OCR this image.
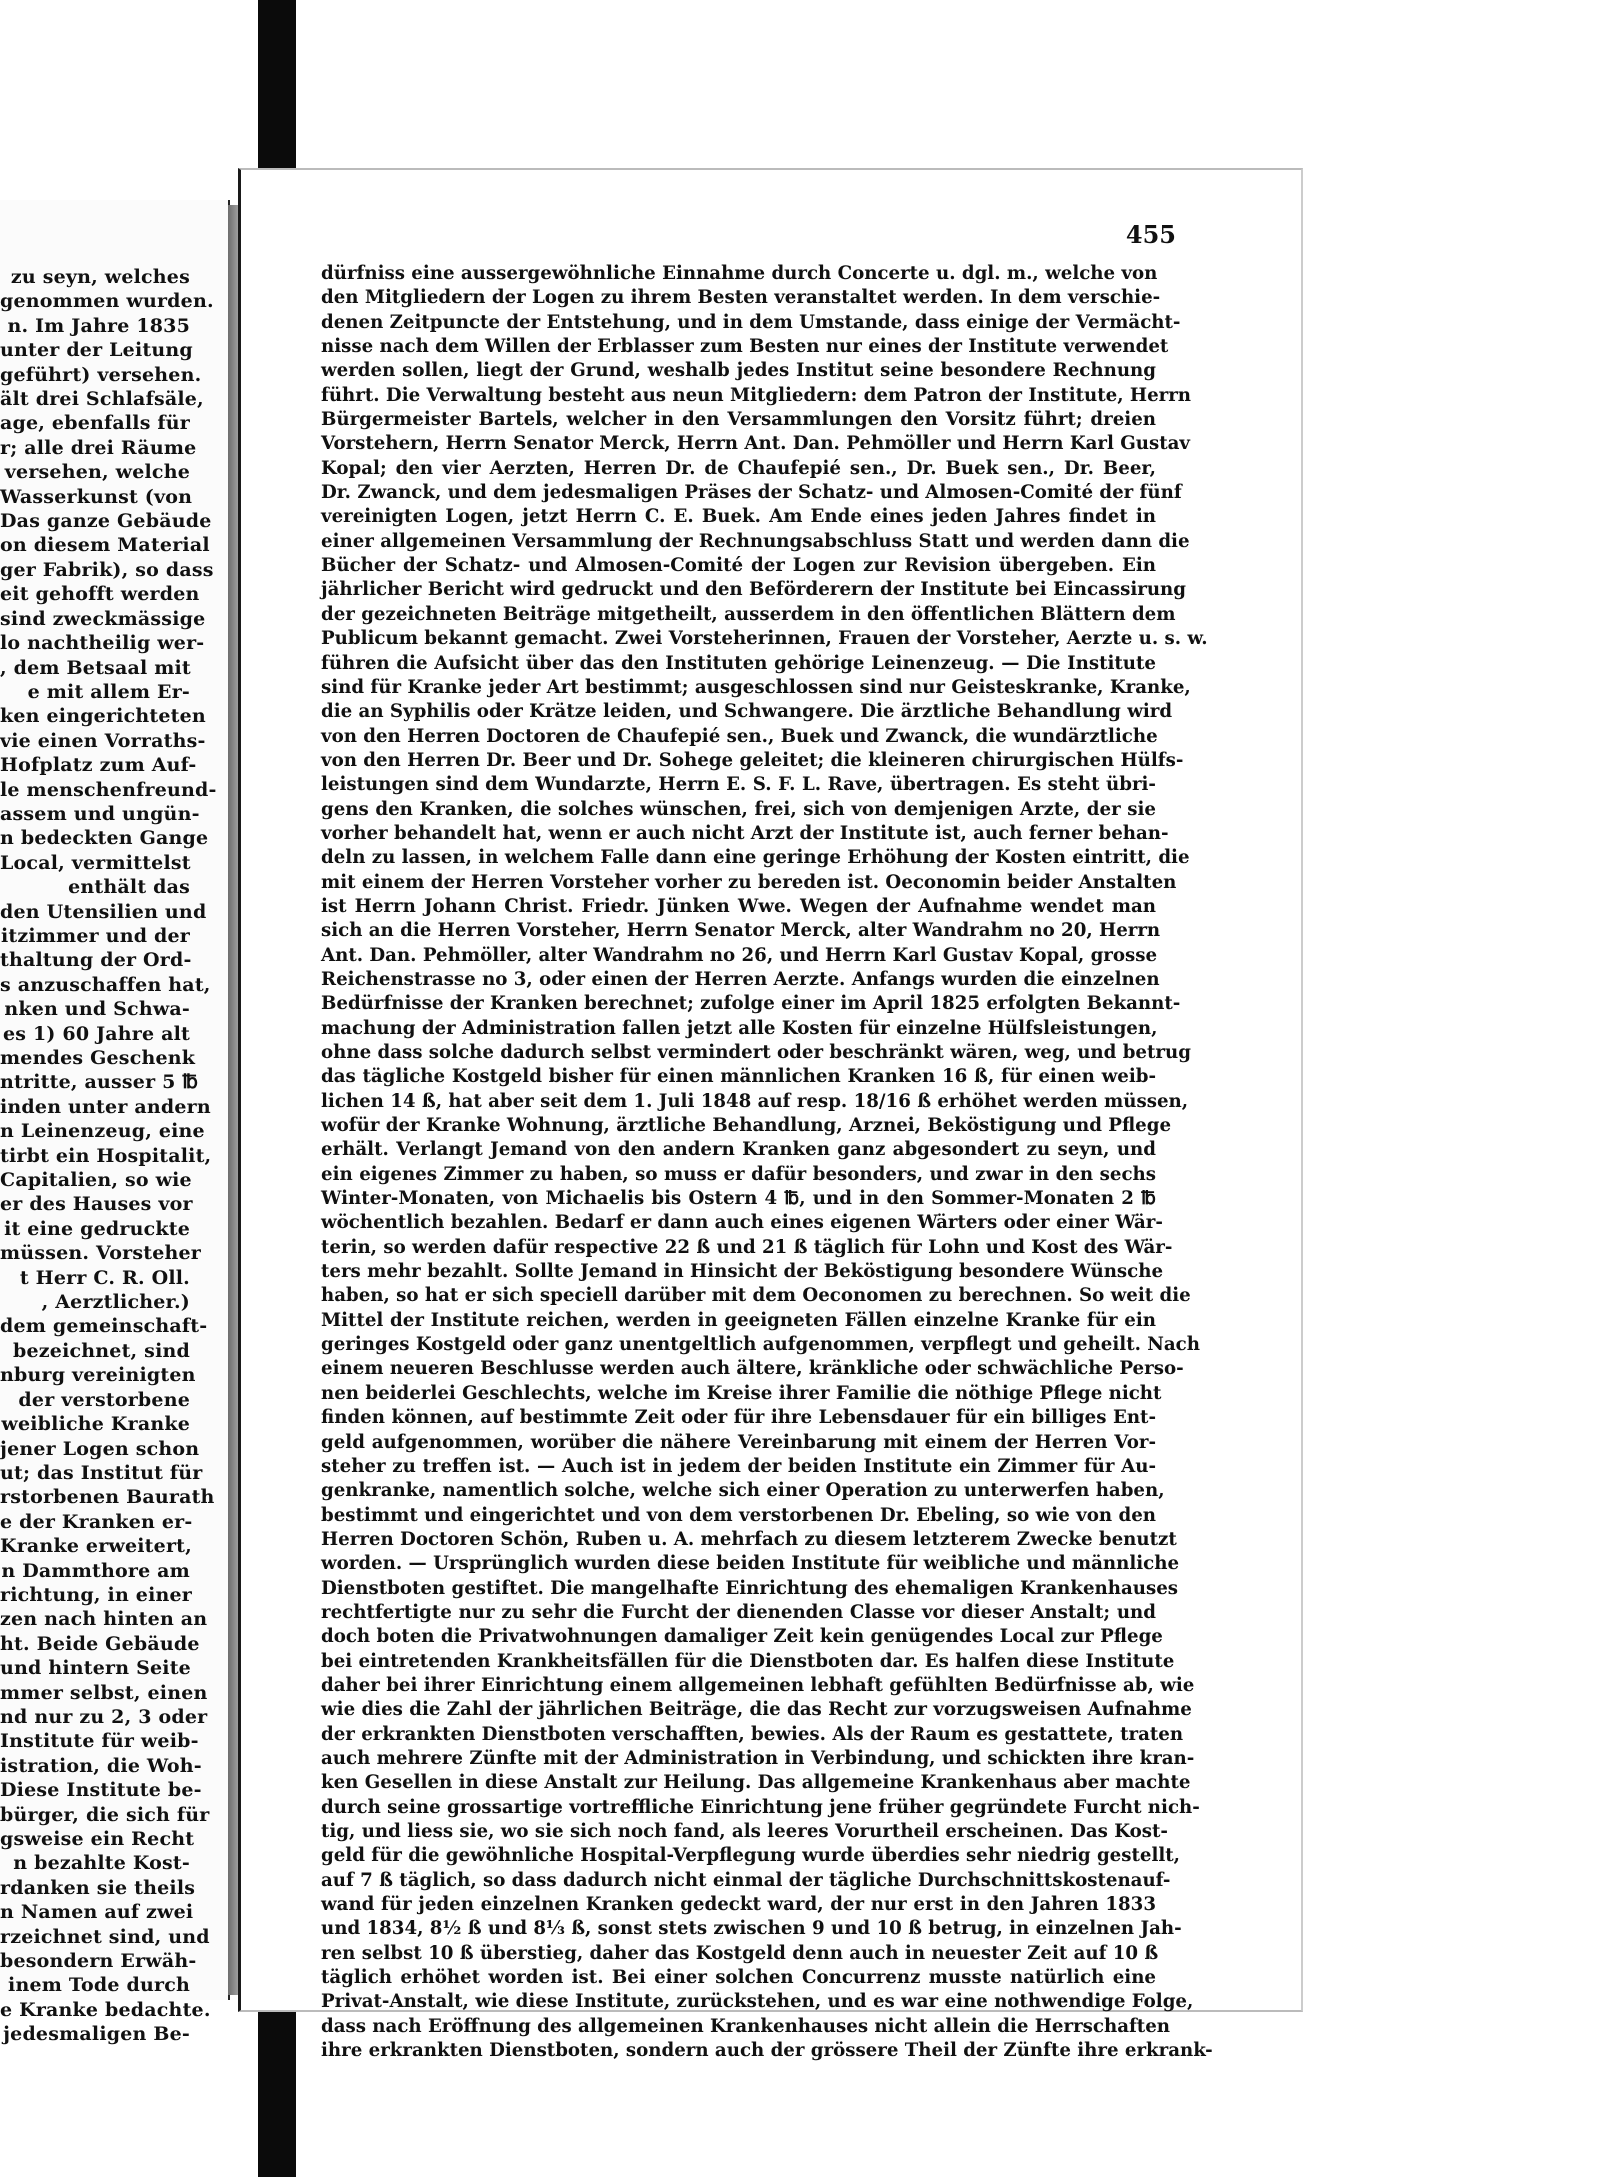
zu seyn, welches
genommen wurden.
n. Im Jahre 1835
unter der Leitung
geführt) versehen.
ält drei Schlafsäle,
age, ebenfalls für
r; alle drei Räume
versehen, welche
Wasserkunst (von
Das ganze Gebäude
on diesem Material
ger Fabrik), so dass
eit gehofft werden
sind zweckmässige
lo nachtheilig wer-
, dem Betsaal mit
e mit allem Er-
ken eingerichteten
vie einen Vorraths-
Hofplatz zum Auf-
le menschenfreund-
assem und ungün-
n bedeckten Gange
Local, vermittelst
enthält das
den Utensilien und
itzimmer und der
thaltung der Ord-
s anzuschaffen hat,
nken und Schwa-
es 1) 60 Jahre alt
mendes Geschenk
ntritte, ausser 5 ℔
inden unter andern
n Leinenzeug, eine
tirbt ein Hospitalit,
Capitalien, so wie
er des Hauses vor
it eine gedruckte
müssen. Vorsteher
t Herr C. R. Oll.
, Aerztlicher.)
dem gemeinschaft-
bezeichnet, sind
nburg vereinigten
der verstorbene
weibliche Kranke
jener Logen schon
ut; das Institut für
rstorbenen Baurath
e der Kranken er-
Kranke erweitert,
n Dammthore am
richtung, in einer
zen nach hinten an
ht. Beide Gebäude
und hintern Seite
mmer selbst, einen
nd nur zu 2, 3 oder
Institute für weib-
istration, die Woh-
Diese Institute be-
bürger, die sich für
gsweise ein Recht
n bezahlte Kost-
rdanken sie theils
n Namen auf zwei
rzeichnet sind, und
besondern Erwäh-
inem Tode durch
e Kranke bedachte.
jedesmaligen Be-
455
dürfniss eine aussergewöhnliche Einnahme durch Concerte u. dgl. m., welche von
den Mitgliedern der Logen zu ihrem Besten veranstaltet werden. In dem verschie-
denen Zeitpuncte der Entstehung, und in dem Umstande, dass einige der Vermächt-
nisse nach dem Willen der Erblasser zum Besten nur eines der Institute verwendet
werden sollen, liegt der Grund, weshalb jedes Institut seine besondere Rechnung
führt. Die Verwaltung besteht aus neun Mitgliedern: dem Patron der Institute, Herrn
Bürgermeister Bartels, welcher in den Versammlungen den Vorsitz führt; dreien
Vorstehern, Herrn Senator Merck, Herrn Ant. Dan. Pehmöller und Herrn Karl Gustav
Kopal; den vier Aerzten, Herren Dr. de Chaufepié sen., Dr. Buek sen., Dr. Beer,
Dr. Zwanck, und dem jedesmaligen Präses der Schatz- und Almosen-Comité der fünf
vereinigten Logen, jetzt Herrn C. E. Buek. Am Ende eines jeden Jahres findet in
einer allgemeinen Versammlung der Rechnungsabschluss Statt und werden dann die
Bücher der Schatz- und Almosen-Comité der Logen zur Revision übergeben. Ein
jährlicher Bericht wird gedruckt und den Beförderern der Institute bei Eincassirung
der gezeichneten Beiträge mitgetheilt, ausserdem in den öffentlichen Blättern dem
Publicum bekannt gemacht. Zwei Vorsteherinnen, Frauen der Vorsteher, Aerzte u. s. w.
führen die Aufsicht über das den Instituten gehörige Leinenzeug. — Die Institute
sind für Kranke jeder Art bestimmt; ausgeschlossen sind nur Geisteskranke, Kranke,
die an Syphilis oder Krätze leiden, und Schwangere. Die ärztliche Behandlung wird
von den Herren Doctoren de Chaufepié sen., Buek und Zwanck, die wundärztliche
von den Herren Dr. Beer und Dr. Sohege geleitet; die kleineren chirurgischen Hülfs-
leistungen sind dem Wundarzte, Herrn E. S. F. L. Rave, übertragen. Es steht übri-
gens den Kranken, die solches wünschen, frei, sich von demjenigen Arzte, der sie
vorher behandelt hat, wenn er auch nicht Arzt der Institute ist, auch ferner behan-
deln zu lassen, in welchem Falle dann eine geringe Erhöhung der Kosten eintritt, die
mit einem der Herren Vorsteher vorher zu bereden ist. Oeconomin beider Anstalten
ist Herrn Johann Christ. Friedr. Jünken Wwe. Wegen der Aufnahme wendet man
sich an die Herren Vorsteher, Herrn Senator Merck, alter Wandrahm no 20, Herrn
Ant. Dan. Pehmöller, alter Wandrahm no 26, und Herrn Karl Gustav Kopal, grosse
Reichenstrasse no 3, oder einen der Herren Aerzte. Anfangs wurden die einzelnen
Bedürfnisse der Kranken berechnet; zufolge einer im April 1825 erfolgten Bekannt-
machung der Administration fallen jetzt alle Kosten für einzelne Hülfsleistungen,
ohne dass solche dadurch selbst vermindert oder beschränkt wären, weg, und betrug
das tägliche Kostgeld bisher für einen männlichen Kranken 16 ß, für einen weib-
lichen 14 ß, hat aber seit dem 1. Juli 1848 auf resp. 18/16 ß erhöhet werden müssen,
wofür der Kranke Wohnung, ärztliche Behandlung, Arznei, Beköstigung und Pflege
erhält. Verlangt Jemand von den andern Kranken ganz abgesondert zu seyn, und
ein eigenes Zimmer zu haben, so muss er dafür besonders, und zwar in den sechs
Winter-Monaten, von Michaelis bis Ostern 4 ℔, und in den Sommer-Monaten 2 ℔
wöchentlich bezahlen. Bedarf er dann auch eines eigenen Wärters oder einer Wär-
terin, so werden dafür respective 22 ß und 21 ß täglich für Lohn und Kost des Wär-
ters mehr bezahlt. Sollte Jemand in Hinsicht der Beköstigung besondere Wünsche
haben, so hat er sich speciell darüber mit dem Oeconomen zu berechnen. So weit die
Mittel der Institute reichen, werden in geeigneten Fällen einzelne Kranke für ein
geringes Kostgeld oder ganz unentgeltlich aufgenommen, verpflegt und geheilt. Nach
einem neueren Beschlusse werden auch ältere, kränkliche oder schwächliche Perso-
nen beiderlei Geschlechts, welche im Kreise ihrer Familie die nöthige Pflege nicht
finden können, auf bestimmte Zeit oder für ihre Lebensdauer für ein billiges Ent-
geld aufgenommen, worüber die nähere Vereinbarung mit einem der Herren Vor-
steher zu treffen ist. — Auch ist in jedem der beiden Institute ein Zimmer für Au-
genkranke, namentlich solche, welche sich einer Operation zu unterwerfen haben,
bestimmt und eingerichtet und von dem verstorbenen Dr. Ebeling, so wie von den
Herren Doctoren Schön, Ruben u. A. mehrfach zu diesem letzterem Zwecke benutzt
worden. — Ursprünglich wurden diese beiden Institute für weibliche und männliche
Dienstboten gestiftet. Die mangelhafte Einrichtung des ehemaligen Krankenhauses
rechtfertigte nur zu sehr die Furcht der dienenden Classe vor dieser Anstalt; und
doch boten die Privatwohnungen damaliger Zeit kein genügendes Local zur Pflege
bei eintretenden Krankheitsfällen für die Dienstboten dar. Es halfen diese Institute
daher bei ihrer Einrichtung einem allgemeinen lebhaft gefühlten Bedürfnisse ab, wie
wie dies die Zahl der jährlichen Beiträge, die das Recht zur vorzugsweisen Aufnahme
der erkrankten Dienstboten verschafften, bewies. Als der Raum es gestattete, traten
auch mehrere Zünfte mit der Administration in Verbindung, und schickten ihre kran-
ken Gesellen in diese Anstalt zur Heilung. Das allgemeine Krankenhaus aber machte
durch seine grossartige vortreffliche Einrichtung jene früher gegründete Furcht nich-
tig, und liess sie, wo sie sich noch fand, als leeres Vorurtheil erscheinen. Das Kost-
geld für die gewöhnliche Hospital-Verpflegung wurde überdies sehr niedrig gestellt,
auf 7 ß täglich, so dass dadurch nicht einmal der tägliche Durchschnittskostenauf-
wand für jeden einzelnen Kranken gedeckt ward, der nur erst in den Jahren 1833
und 1834, 8½ ß und 8⅓ ß, sonst stets zwischen 9 und 10 ß betrug, in einzelnen Jah-
ren selbst 10 ß überstieg, daher das Kostgeld denn auch in neuester Zeit auf 10 ß
täglich erhöhet worden ist. Bei einer solchen Concurrenz musste natürlich eine
Privat-Anstalt, wie diese Institute, zurückstehen, und es war eine nothwendige Folge,
dass nach Eröffnung des allgemeinen Krankenhauses nicht allein die Herrschaften
ihre erkrankten Dienstboten, sondern auch der grössere Theil der Zünfte ihre erkrank-
